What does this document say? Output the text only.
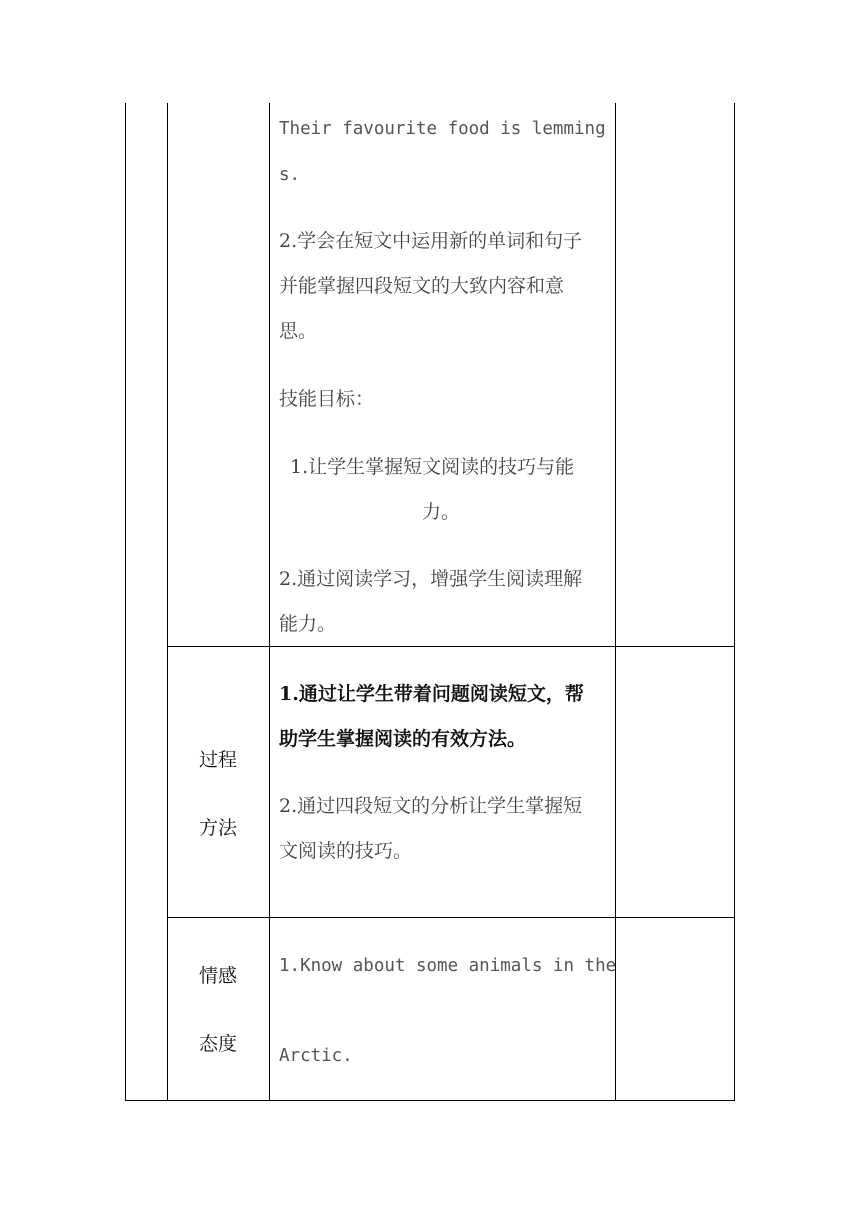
Their favourite food is lemming
s.
2.学会在短文中运用新的单词和句子
并能掌握四段短文的大致内容和意
思。
技能目标：
1.让学生掌握短文阅读的技巧与能
力。
2.通过阅读学习，增强学生阅读理解
能力。
过程
方法
1.通过让学生带着问题阅读短文，帮
助学生掌握阅读的有效方法。
2.通过四段短文的分析让学生掌握短
文阅读的技巧。
情感
态度
1.Know about some animals in the
Arctic.
